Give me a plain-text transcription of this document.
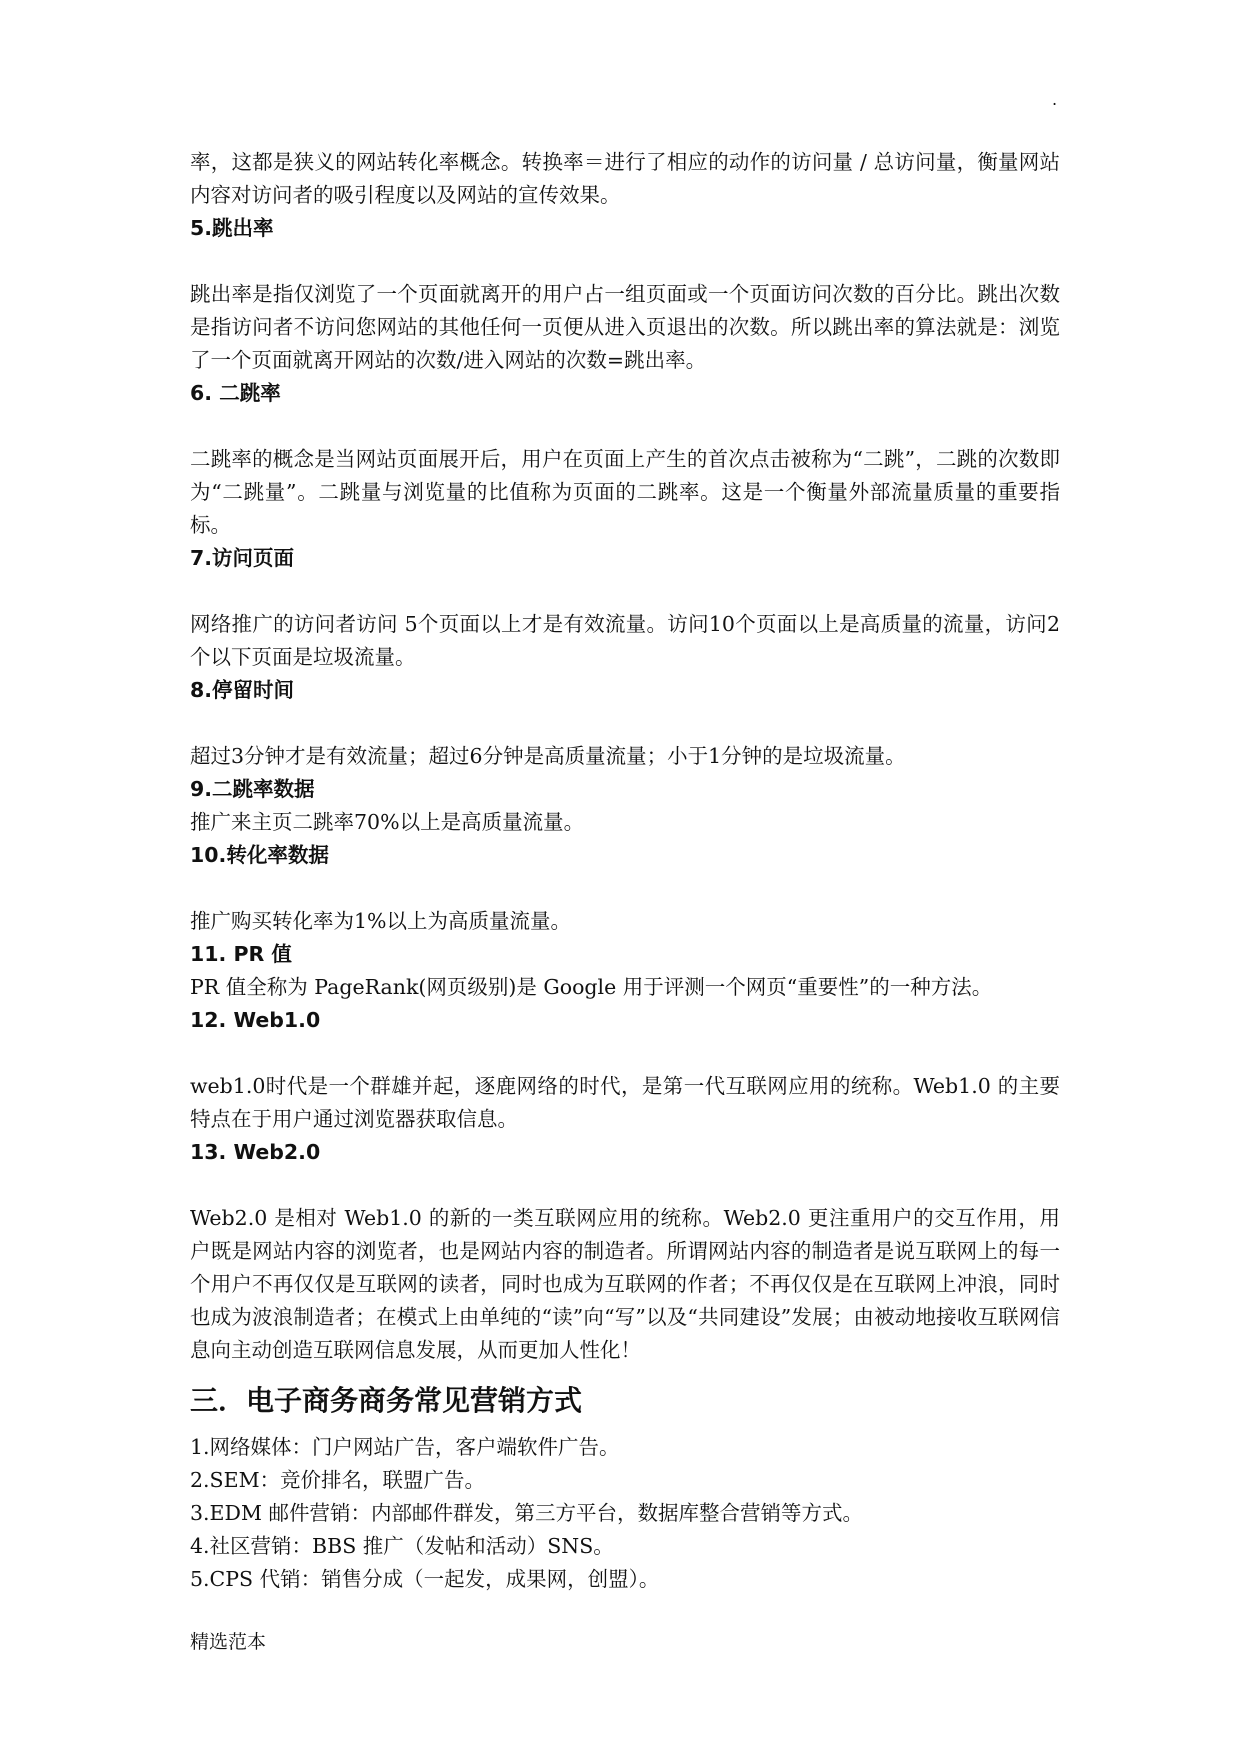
.

率，这都是狭义的网站转化率概念。转换率＝进行了相应的动作的访问量 / 总访问量，衡量网站内容对访问者的吸引程度以及网站的宣传效果。

5.跳出率

跳出率是指仅浏览了一个页面就离开的用户占一组页面或一个页面访问次数的百分比。跳出次数是指访问者不访问您网站的其他任何一页便从进入页退出的次数。所以跳出率的算法就是：浏览了一个页面就离开网站的次数/进入网站的次数=跳出率。

6. 二跳率

二跳率的概念是当网站页面展开后，用户在页面上产生的首次点击被称为“二跳”，二跳的次数即为“二跳量”。二跳量与浏览量的比值称为页面的二跳率。这是一个衡量外部流量质量的重要指标。

7.访问页面

网络推广的访问者访问 5个页面以上才是有效流量。访问10个页面以上是高质量的流量，访问2个以下页面是垃圾流量。

8.停留时间

超过3分钟才是有效流量；超过6分钟是高质量流量；小于1分钟的是垃圾流量。

9.二跳率数据

推广来主页二跳率70%以上是高质量流量。

10.转化率数据

推广购买转化率为1%以上为高质量流量。

11. PR 值

PR 值全称为 PageRank(网页级别)是 Google 用于评测一个网页“重要性”的一种方法。

12. Web1.0

web1.0时代是一个群雄并起，逐鹿网络的时代，是第一代互联网应用的统称。Web1.0 的主要特点在于用户通过浏览器获取信息。

13. Web2.0

Web2.0 是相对 Web1.0 的新的一类互联网应用的统称。Web2.0 更注重用户的交互作用，用户既是网站内容的浏览者，也是网站内容的制造者。所谓网站内容的制造者是说互联网上的每一个用户不再仅仅是互联网的读者，同时也成为互联网的作者；不再仅仅是在互联网上冲浪，同时也成为波浪制造者；在模式上由单纯的“读”向“写”以及“共同建设”发展；由被动地接收互联网信息向主动创造互联网信息发展，从而更加人性化！

三．电子商务商务常见营销方式

1.网络媒体：门户网站广告，客户端软件广告。

2.SEM：竞价排名，联盟广告。

3.EDM 邮件营销：内部邮件群发，第三方平台，数据库整合营销等方式。

4.社区营销：BBS 推广（发帖和活动）SNS。

5.CPS 代销：销售分成（一起发，成果网，创盟）。

精选范本
